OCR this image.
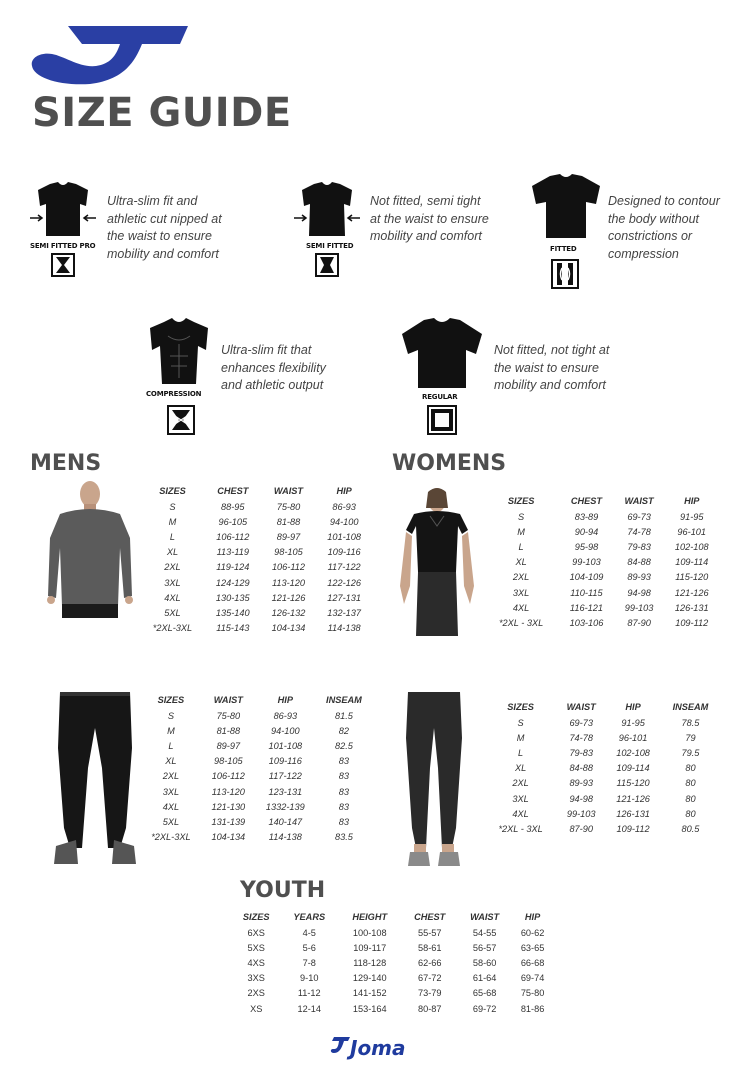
SIZE GUIDE
SEMI FITTED PRO
Ultra-slim fit and
athletic cut nipped at
the waist to ensure
mobility and comfort
SEMI FITTED
Not fitted, semi tight
at the waist to ensure
mobility and comfort
FITTED
Designed to contour
the body without
constrictions or
compression
COMPRESSION
Ultra-slim fit that
enhances flexibility
and athletic output
REGULAR
Not fitted, not tight at
the waist to ensure
mobility and comfort
MENS	WOMENS
SIZES	CHEST	WAIST	HIP
S	88-95	75-80	86-93
M	96-105	81-88	94-100
L	106-112	89-97	101-108
XL	113-119	98-105	109-116
2XL	119-124	106-112	117-122
3XL	124-129	113-120	122-126
4XL	130-135	121-126	127-131
5XL	135-140	126-132	132-137
*2XL-3XL	115-143	104-134	114-138
SIZES	CHEST	WAIST	HIP
S	83-89	69-73	91-95
M	90-94	74-78	96-101
L	95-98	79-83	102-108
XL	99-103	84-88	109-114
2XL	104-109	89-93	115-120
3XL	110-115	94-98	121-126
4XL	116-121	99-103	126-131
*2XL - 3XL	103-106	87-90	109-112
SIZES	WAIST	HIP	INSEAM
S	75-80	86-93	81.5
M	81-88	94-100	82
L	89-97	101-108	82.5
XL	98-105	109-116	83
2XL	106-112	117-122	83
3XL	113-120	123-131	83
4XL	121-130	1332-139	83
5XL	131-139	140-147	83
*2XL-3XL	104-134	114-138	83.5
SIZES	WAIST	HIP	INSEAM
S	69-73	91-95	78.5
M	74-78	96-101	79
L	79-83	102-108	79.5
XL	84-88	109-114	80
2XL	89-93	115-120	80
3XL	94-98	121-126	80
4XL	99-103	126-131	80
*2XL - 3XL	87-90	109-112	80.5
YOUTH
SIZES	YEARS	HEIGHT	CHEST	WAIST	HIP
6XS	4-5	100-108	55-57	54-55	60-62
5XS	5-6	109-117	58-61	56-57	63-65
4XS	7-8	118-128	62-66	58-60	66-68
3XS	9-10	129-140	67-72	61-64	69-74
2XS	11-12	141-152	73-79	65-68	75-80
XS	12-14	153-164	80-87	69-72	81-86
Joma
